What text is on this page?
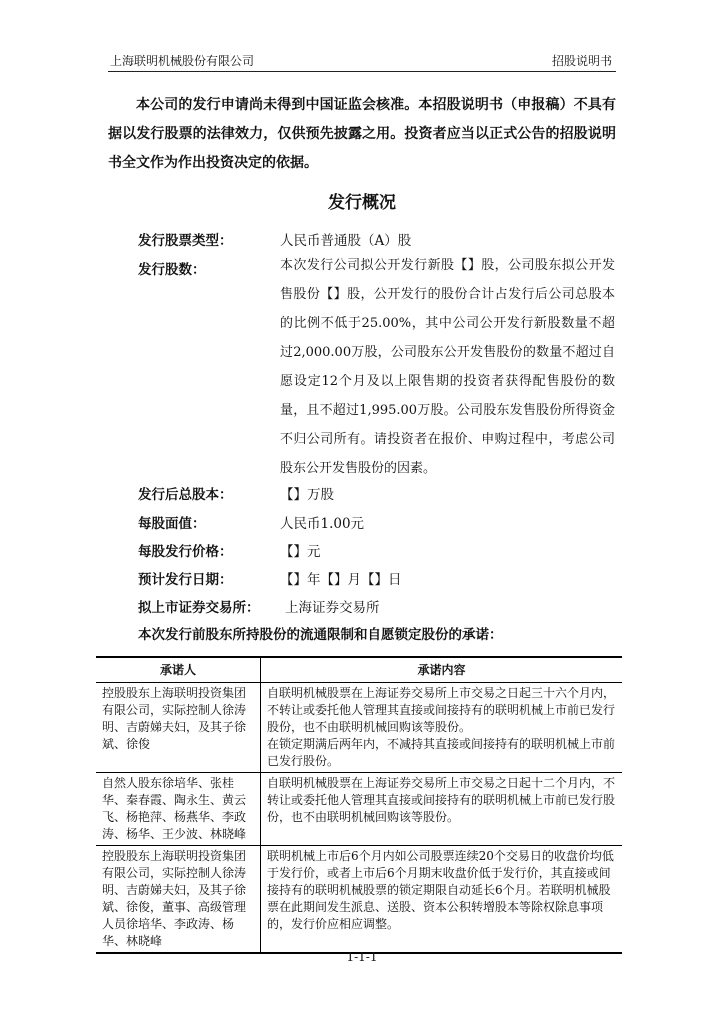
上海联明机械股份有限公司	招股说明书
本公司的发行申请尚未得到中国证监会核准。本招股说明书（申报稿）不具有据以发行股票的法律效力，仅供预先披露之用。投资者应当以正式公告的招股说明书全文作为作出投资决定的依据。
发行概况
发行股票类型：	人民币普通股（A）股
发行股数：	本次发行公司拟公开发行新股【】股，公司股东拟公开发售股份【】股，公开发行的股份合计占发行后公司总股本的比例不低于25.00%，其中公司公开发行新股数量不超过2,000.00万股，公司股东公开发售股份的数量不超过自愿设定12个月及以上限售期的投资者获得配售股份的数量，且不超过1,995.00万股。公司股东发售股份所得资金不归公司所有。请投资者在报价、申购过程中，考虑公司股东公开发售股份的因素。
发行后总股本：	【】万股
每股面值：	人民币1.00元
每股发行价格：	【】元
预计发行日期：	【】年【】月【】日
拟上市证券交易所： 上海证券交易所
本次发行前股东所持股份的流通限制和自愿锁定股份的承诺：
承诺人	承诺内容
控股股东上海联明投资集团有限公司，实际控制人徐涛明、吉蔚娣夫妇，及其子徐斌、徐俊	自联明机械股票在上海证券交易所上市交易之日起三十六个月内，不转让或委托他人管理其直接或间接持有的联明机械上市前已发行股份，也不由联明机械回购该等股份。
在锁定期满后两年内，不减持其直接或间接持有的联明机械上市前已发行股份。

自然人股东徐培华、张桂华、秦春霞、陶永生、黄云飞、杨艳萍、杨燕华、李政涛、杨华、王少波、林晓峰	自联明机械股票在上海证券交易所上市交易之日起十二个月内，不转让或委托他人管理其直接或间接持有的联明机械上市前已发行股份，也不由联明机械回购该等股份。

控股股东上海联明投资集团有限公司，实际控制人徐涛明、吉蔚娣夫妇，及其子徐斌、徐俊，董事、高级管理人员徐培华、李政涛、杨华、林晓峰	联明机械上市后6个月内如公司股票连续20个交易日的收盘价均低于发行价，或者上市后6个月期末收盘价低于发行价，其直接或间接持有的联明机械股票的锁定期限自动延长6个月。若联明机械股票在此期间发生派息、送股、资本公积转增股本等除权除息事项的，发行价应相应调整。
1-1-1
